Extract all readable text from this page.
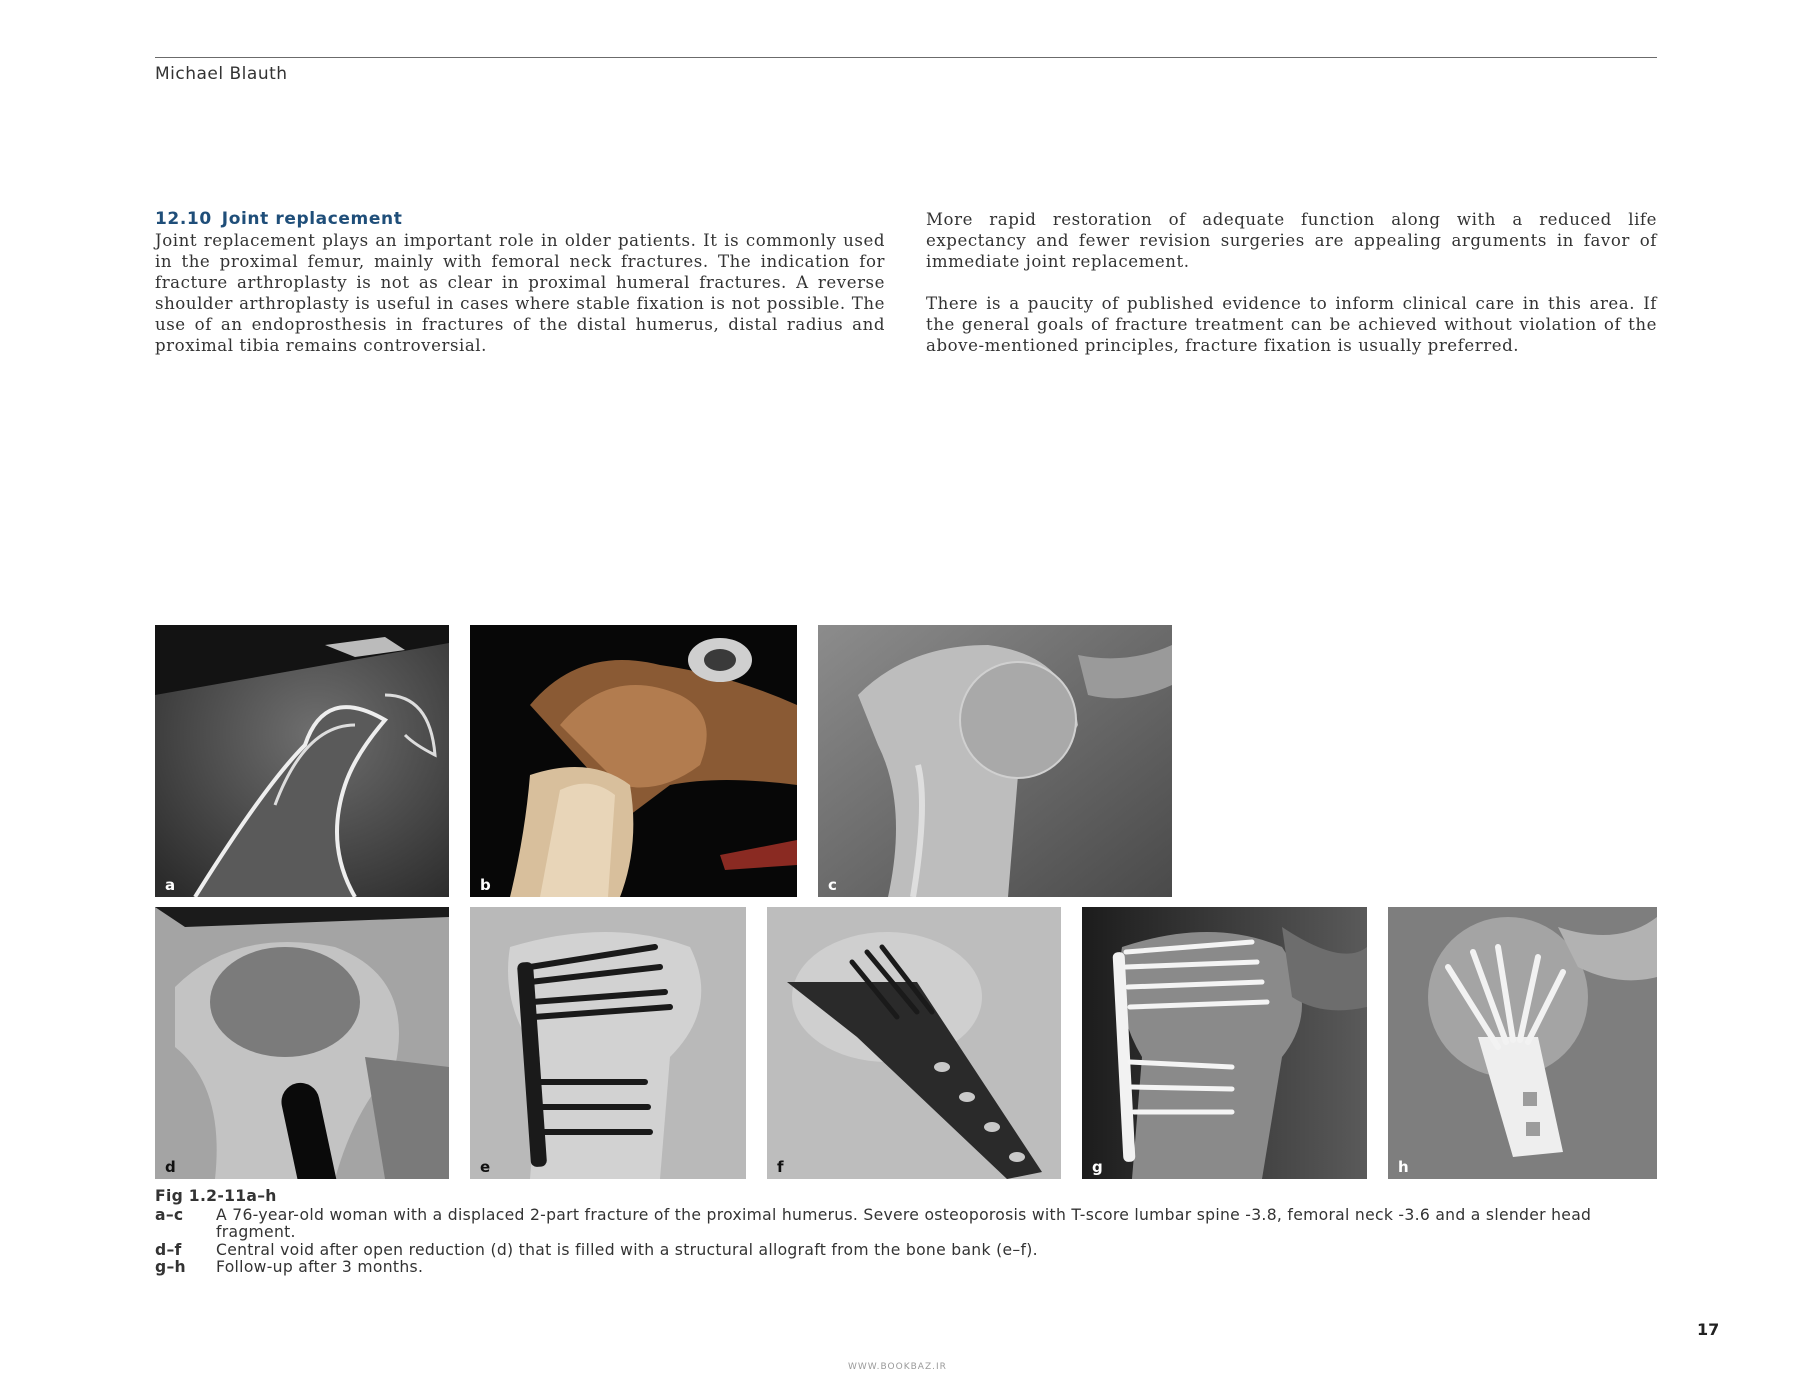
Michael Blauth
12.10 Joint replacement

Joint replacement plays an important role in older patients. It is commonly used in the proximal femur, mainly with femoral neck fractures. The indication for fracture arthroplasty is not as clear in proximal humeral fractures. A reverse shoulder arthroplasty is useful in cases where stable fixation is not possible. The use of an endoprosthesis in fractures of the distal humerus, distal radius and proximal tibia remains controversial.

More rapid restoration of adequate function along with a reduced life expectancy and fewer revision surgeries are appealing arguments in favor of immediate joint replacement.

There is a paucity of published evidence to inform clinical care in this area. If the general goals of fracture treatment can be achieved without violation of the above-mentioned principles, fracture fixation is usually preferred.

a	b	c
d	e	f	g	h
Fig 1.2-11a–h
a–c	A 76-year-old woman with a displaced 2-part fracture of the proximal humerus. Severe osteoporosis with T-score lumbar spine -3.8, femoral neck -3.6 and a slender head fragment.
d–f	Central void after open reduction (d) that is filled with a structural allograft from the bone bank (e–f).
g–h	Follow-up after 3 months.
17
WWW.BOOKBAZ.IR
